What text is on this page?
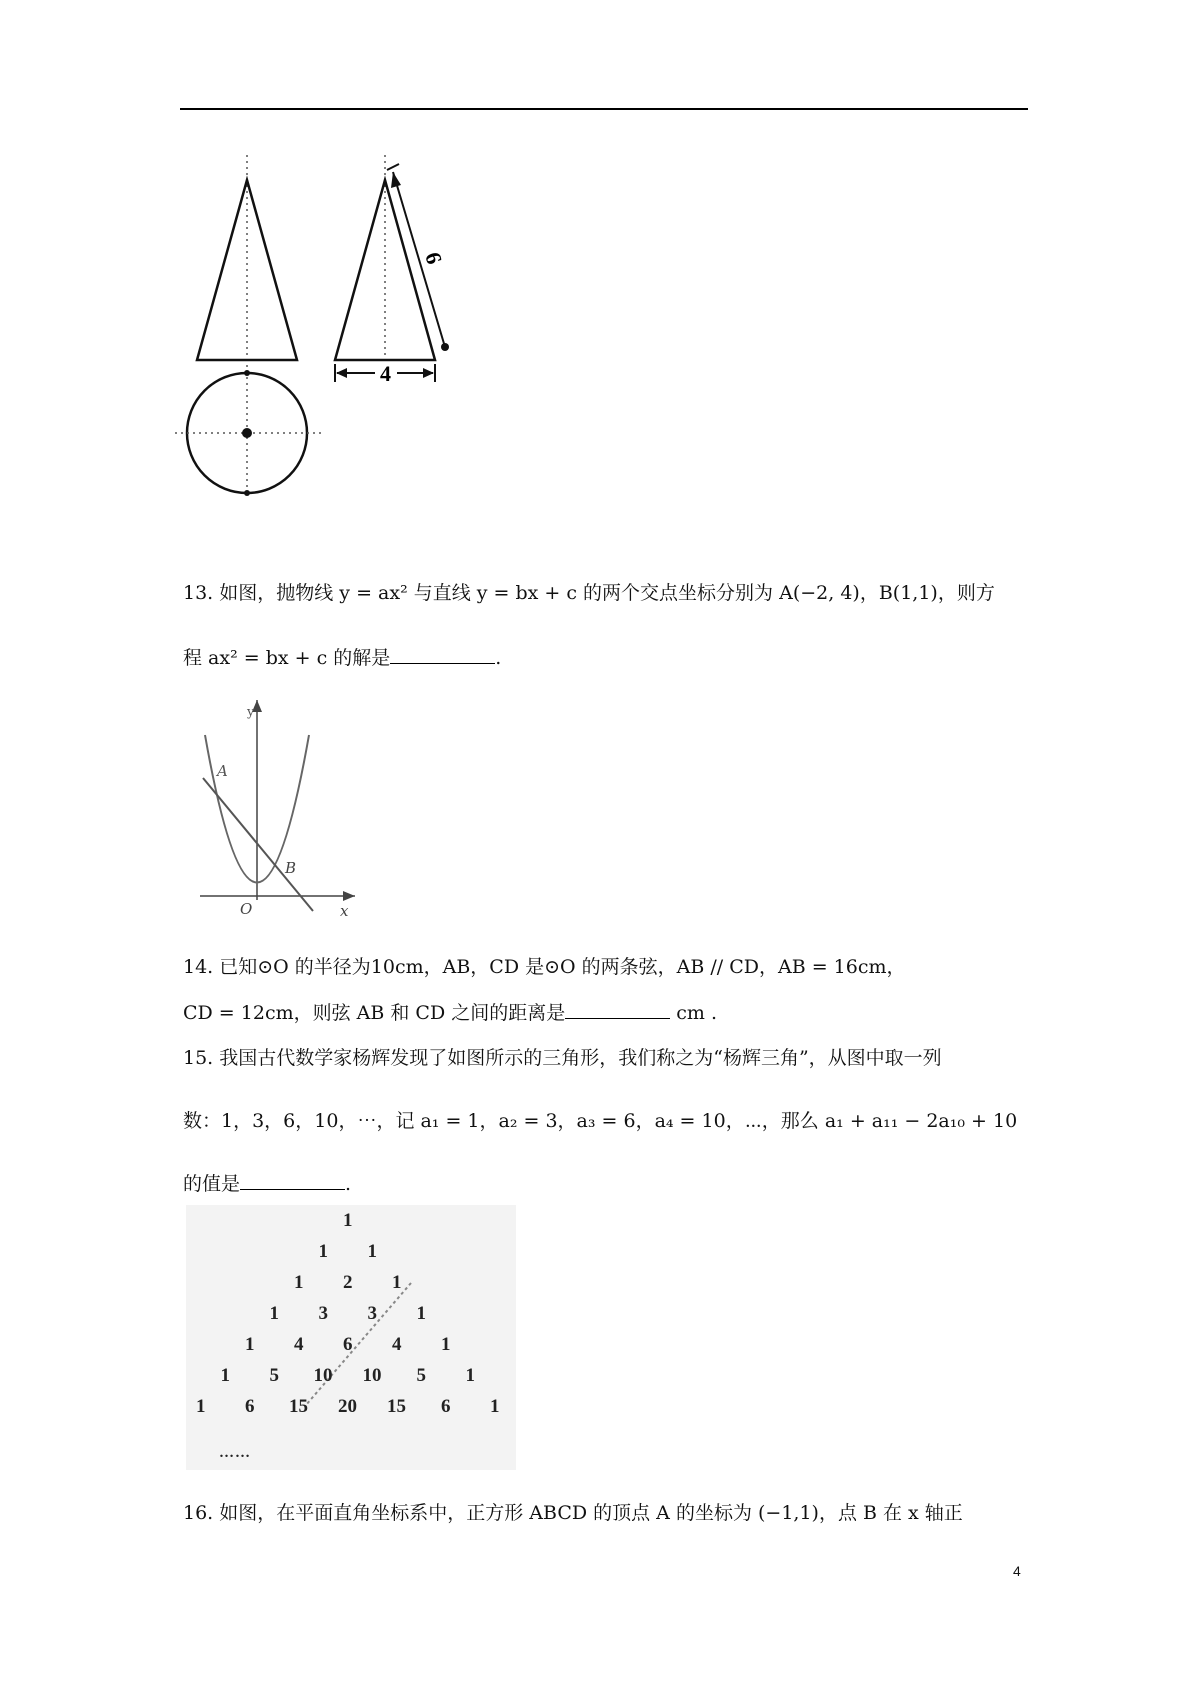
6
4
13. 如图，抛物线 y = ax² 与直线 y = bx + c 的两个交点坐标分别为 A(−2, 4)，B(1,1)，则方
程 ax² = bx + c 的解是	.
y
x
A
B
O
14. 已知⊙O 的半径为10cm，AB，CD 是⊙O 的两条弦，AB // CD，AB = 16cm，
CD = 12cm，则弦 AB 和 CD 之间的距离是	cm .
15. 我国古代数学家杨辉发现了如图所示的三角形，我们称之为“杨辉三角”，从图中取一列
数：1，3，6，10，⋯，记 a₁ = 1，a₂ = 3，a₃ = 6，a₄ = 10，⋯，那么 a₁ + a₁₁ − 2a₁₀ + 10
的值是	.
……
1
1 1
1 2 1
1 3 3 1
1 4 6 4 1
1 5 10 10 5 1
1 6 15 20 15 6 1
16. 如图，在平面直角坐标系中，正方形 ABCD 的顶点 A 的坐标为 (−1,1)，点 B 在 x 轴正
4
